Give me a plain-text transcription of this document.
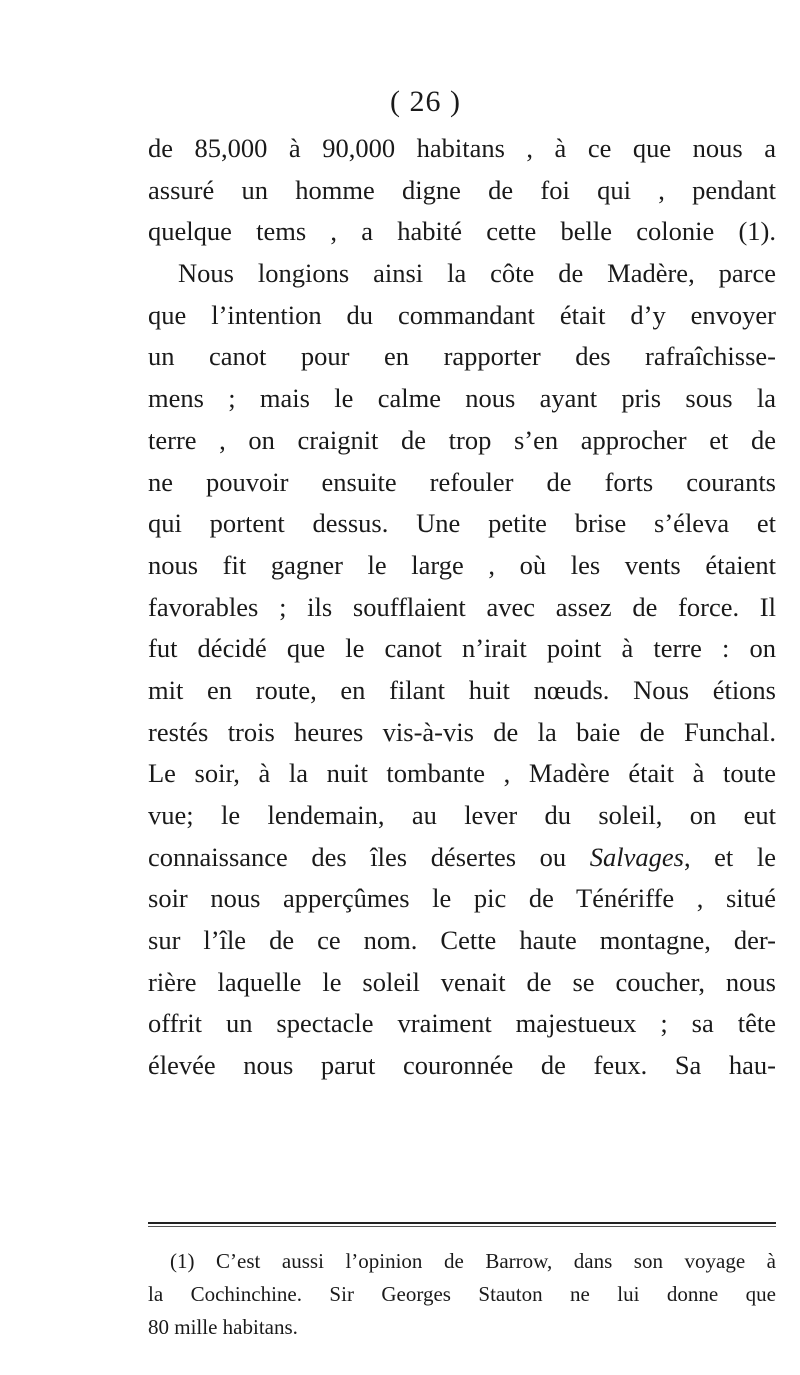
( 26 )
de 85,000 à 90,000 habitans , à ce que nous a
assuré un homme digne de foi qui , pendant
quelque tems , a habité cette belle colonie (1).
Nous longions ainsi la côte de Madère, parce
que l’intention du commandant était d’y envoyer
un canot pour en rapporter des rafraîchisse-
mens ; mais le calme nous ayant pris sous la
terre , on craignit de trop s’en approcher et de
ne pouvoir ensuite refouler de forts courants
qui portent dessus. Une petite brise s’éleva et
nous fit gagner le large , où les vents étaient
favorables ; ils soufflaient avec assez de force. Il
fut décidé que le canot n’irait point à terre : on
mit en route, en filant huit nœuds. Nous étions
restés trois heures vis-à-vis de la baie de Funchal.
Le soir, à la nuit tombante , Madère était à toute
vue; le lendemain, au lever du soleil, on eut
connaissance des îles désertes ou Salvages, et le
soir nous apperçûmes le pic de Ténériffe , situé
sur l’île de ce nom. Cette haute montagne, der-
rière laquelle le soleil venait de se coucher, nous
offrit un spectacle vraiment majestueux ; sa tête
élevée nous parut couronnée de feux. Sa hau-
(1) C’est aussi l’opinion de Barrow, dans son voyage à
la Cochinchine. Sir Georges Stauton ne lui donne que
80 mille habitans.
